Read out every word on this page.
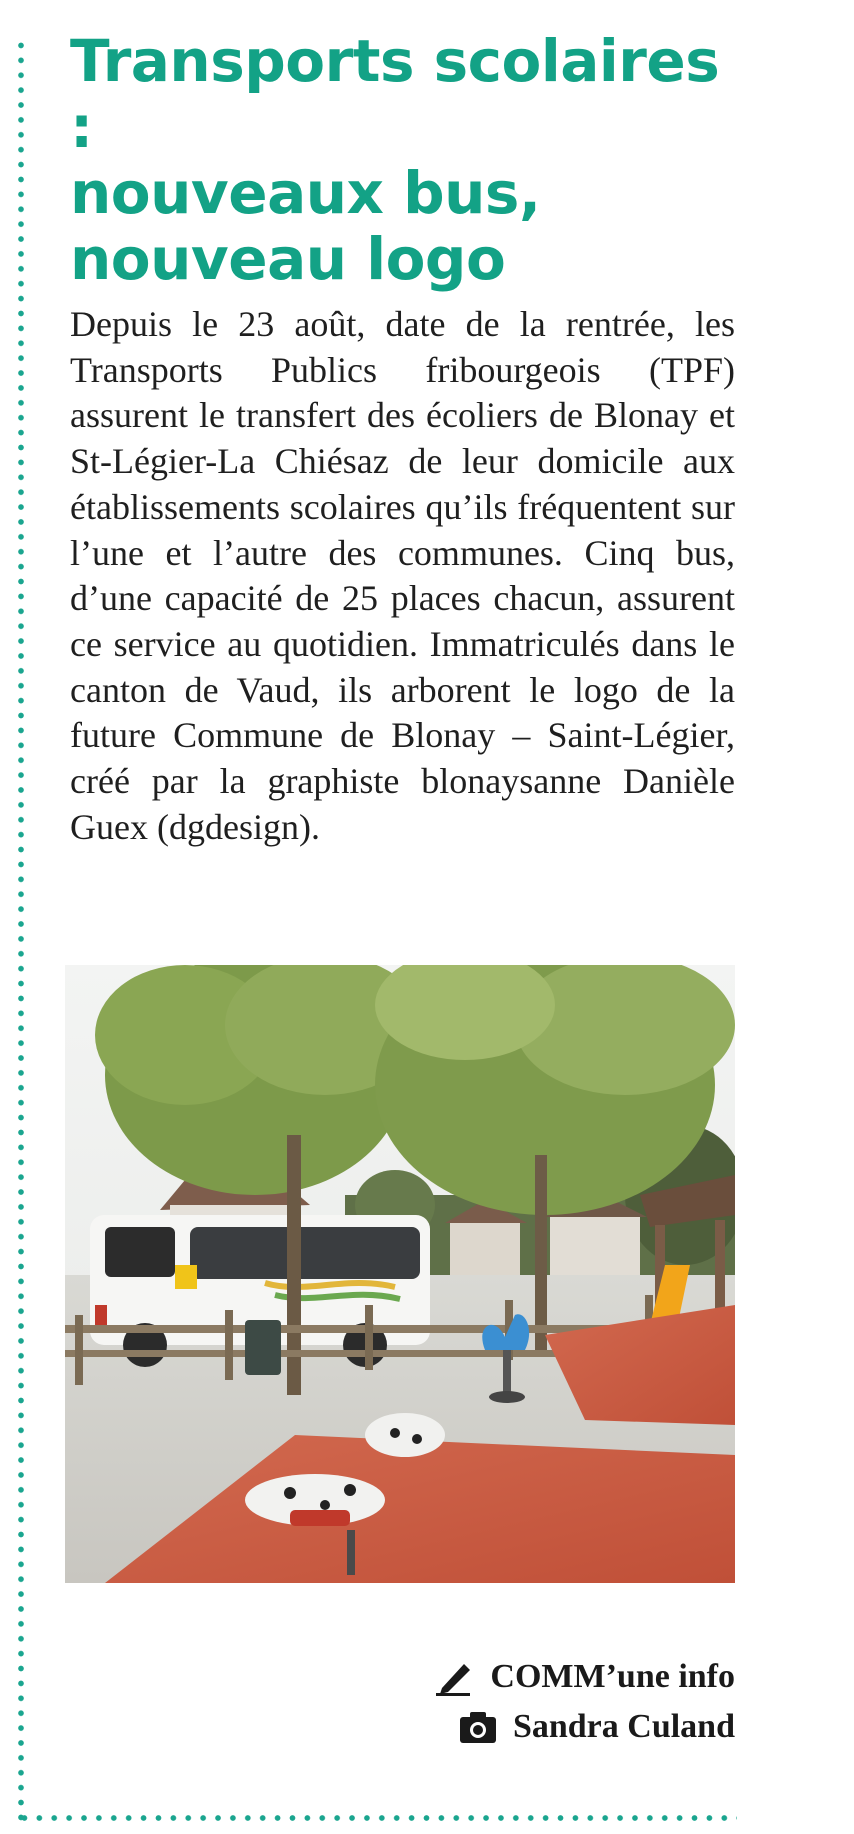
Transports scolaires :
nouveaux bus,
nouveau logo

Depuis le 23 août, date de la rentrée, les Transports Publics fribourgeois (TPF) assurent le transfert des écoliers de Blonay et St-Légier-La Chiésaz de leur domicile aux établissements scolaires qu’ils fréquentent sur l’une et l’autre des communes. Cinq bus, d’une capacité de 25 places chacun, assurent ce service au quotidien. Immatriculés dans le canton de Vaud, ils arborent le logo de la future Commune de Blonay – Saint-Légier, créé par la graphiste blonaysanne Danièle Guex (dgdesign).

COMM’une info
Sandra Culand
